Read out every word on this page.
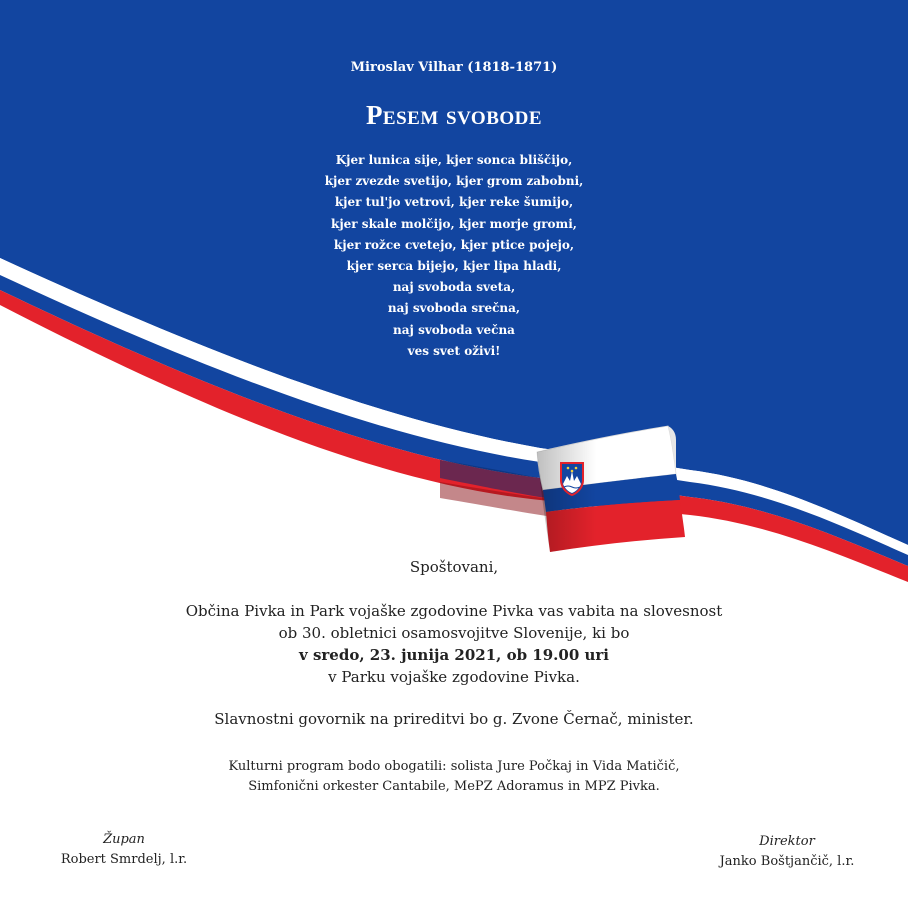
Miroslav Vilhar (1818-1871)
Pesem svobode
Kjer lunica sije, kjer sonca bliščijo,
kjer zvezde svetijo, kjer grom zabobni,
kjer tul'jo vetrovi, kjer reke šumijo,
kjer skale molčijo, kjer morje gromi,
kjer rožce cvetejo, kjer ptice pojejo,
kjer serca bijejo, kjer lipa hladi,
naj svoboda sveta,
naj svoboda srečna,
naj svoboda večna
ves svet oživi!
Spoštovani,
Občina Pivka in Park vojaške zgodovine Pivka vas vabita na slovesnost
ob 30. obletnici osamosvojitve Slovenije, ki bo
v sredo, 23. junija 2021, ob 19.00 uri
v Parku vojaške zgodovine Pivka.
Slavnostni govornik na prireditvi bo g. Zvone Černač, minister.
Kulturni program bodo obogatili: solista Jure Počkaj in Vida Matičič,
Simfonični orkester Cantabile, MePZ Adoramus in MPZ Pivka.
Župan
Robert Smrdelj, l.r.
Direktor
Janko Boštjančič, l.r.
